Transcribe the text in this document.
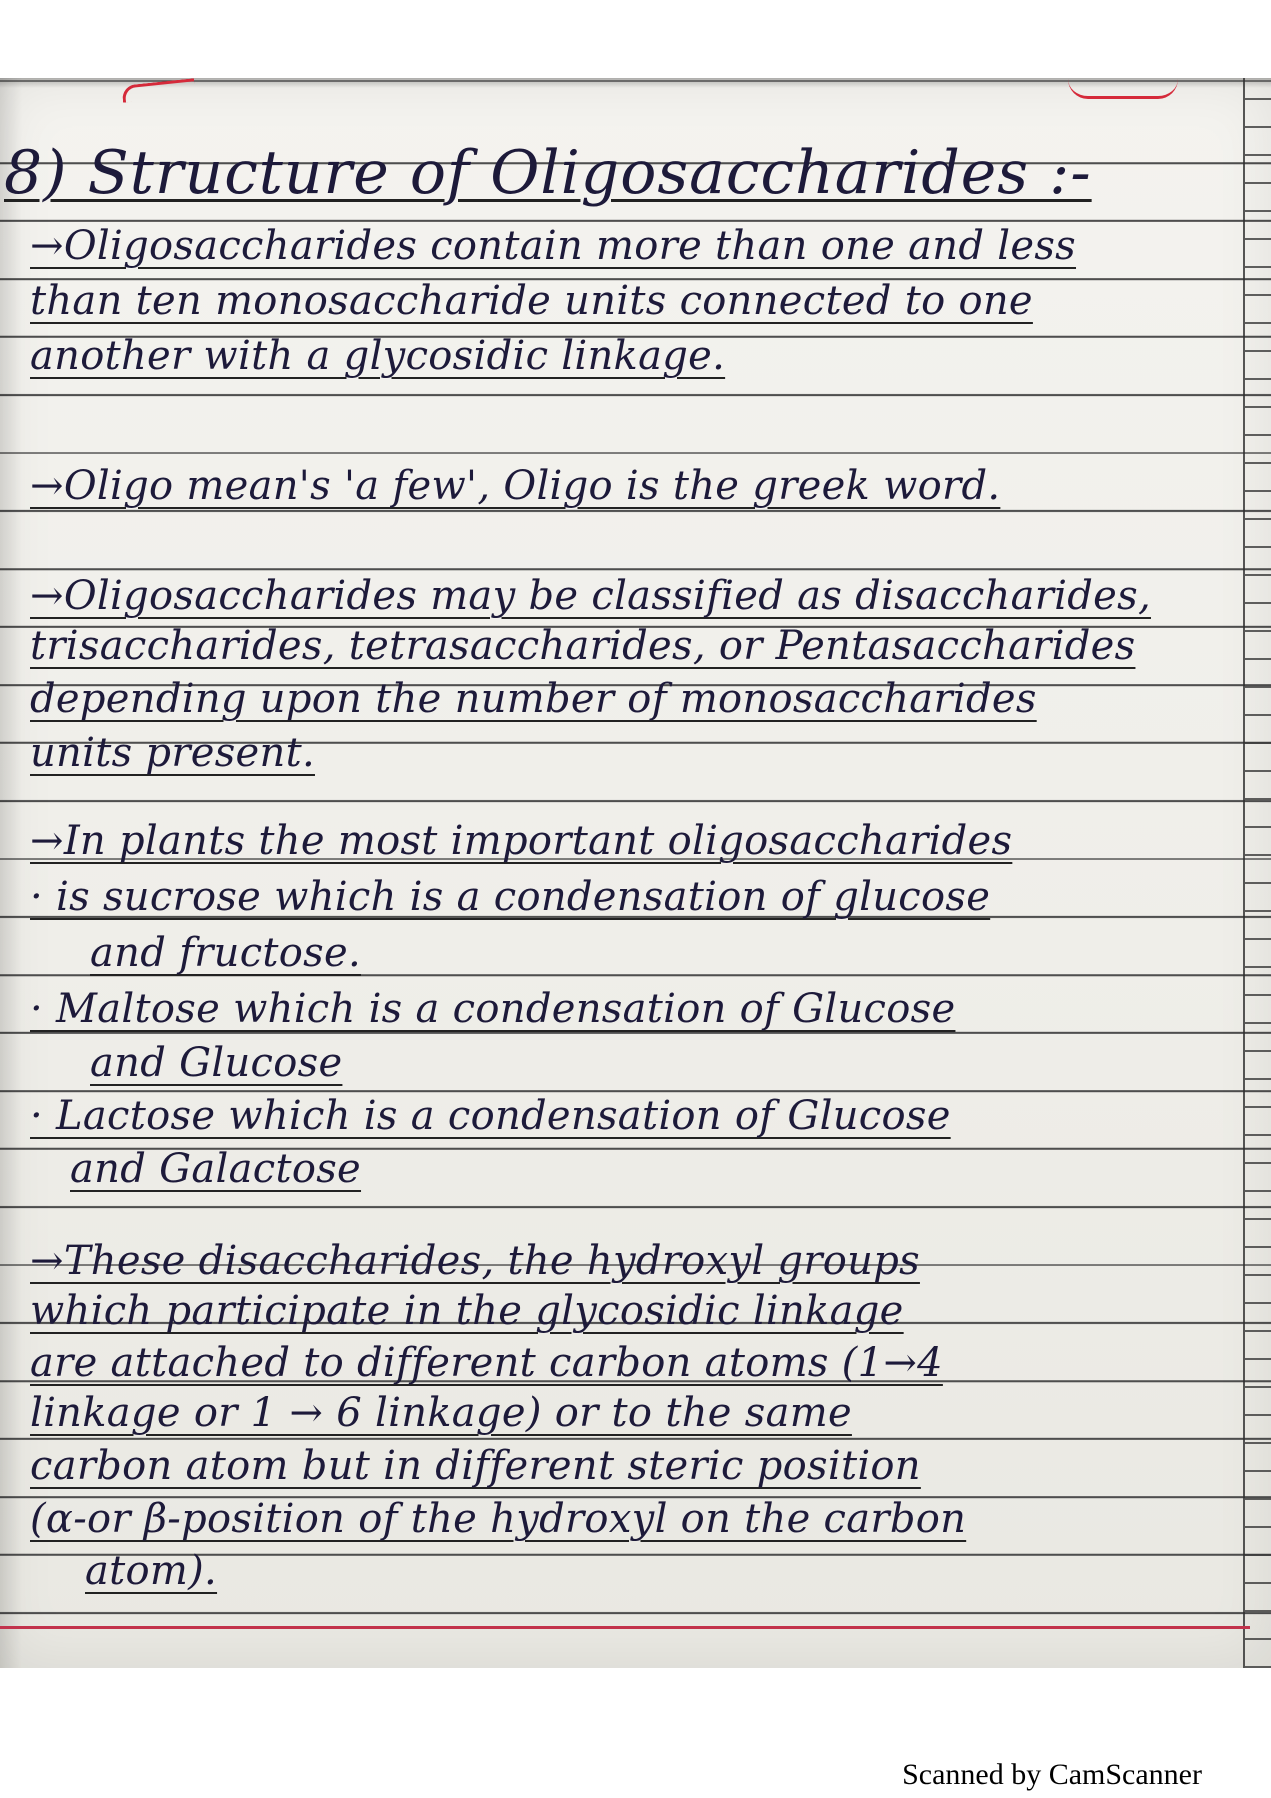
8) Structure of Oligosaccharides :-

→Oligosaccharides contain more than one and less

than ten monosaccharide units connected to one

another with a glycosidic linkage.

→Oligo mean's 'a few', Oligo is the greek word.

→Oligosaccharides may be classified as disaccharides,

trisaccharides, tetrasaccharides, or Pentasaccharides

depending upon the number of monosaccharides

units present.

→In plants the most important oligosaccharides

· is sucrose which is a condensation of glucose

and fructose.

· Maltose which is a condensation of Glucose

and Glucose

· Lactose which is a condensation of Glucose

and Galactose

→These disaccharides, the hydroxyl groups

which participate in the glycosidic linkage

are attached to different carbon atoms (1→4

linkage or 1 → 6 linkage) or to the same

carbon atom but in different steric position

(α-or β-position of the hydroxyl on the carbon

atom).

Scanned by CamScanner
